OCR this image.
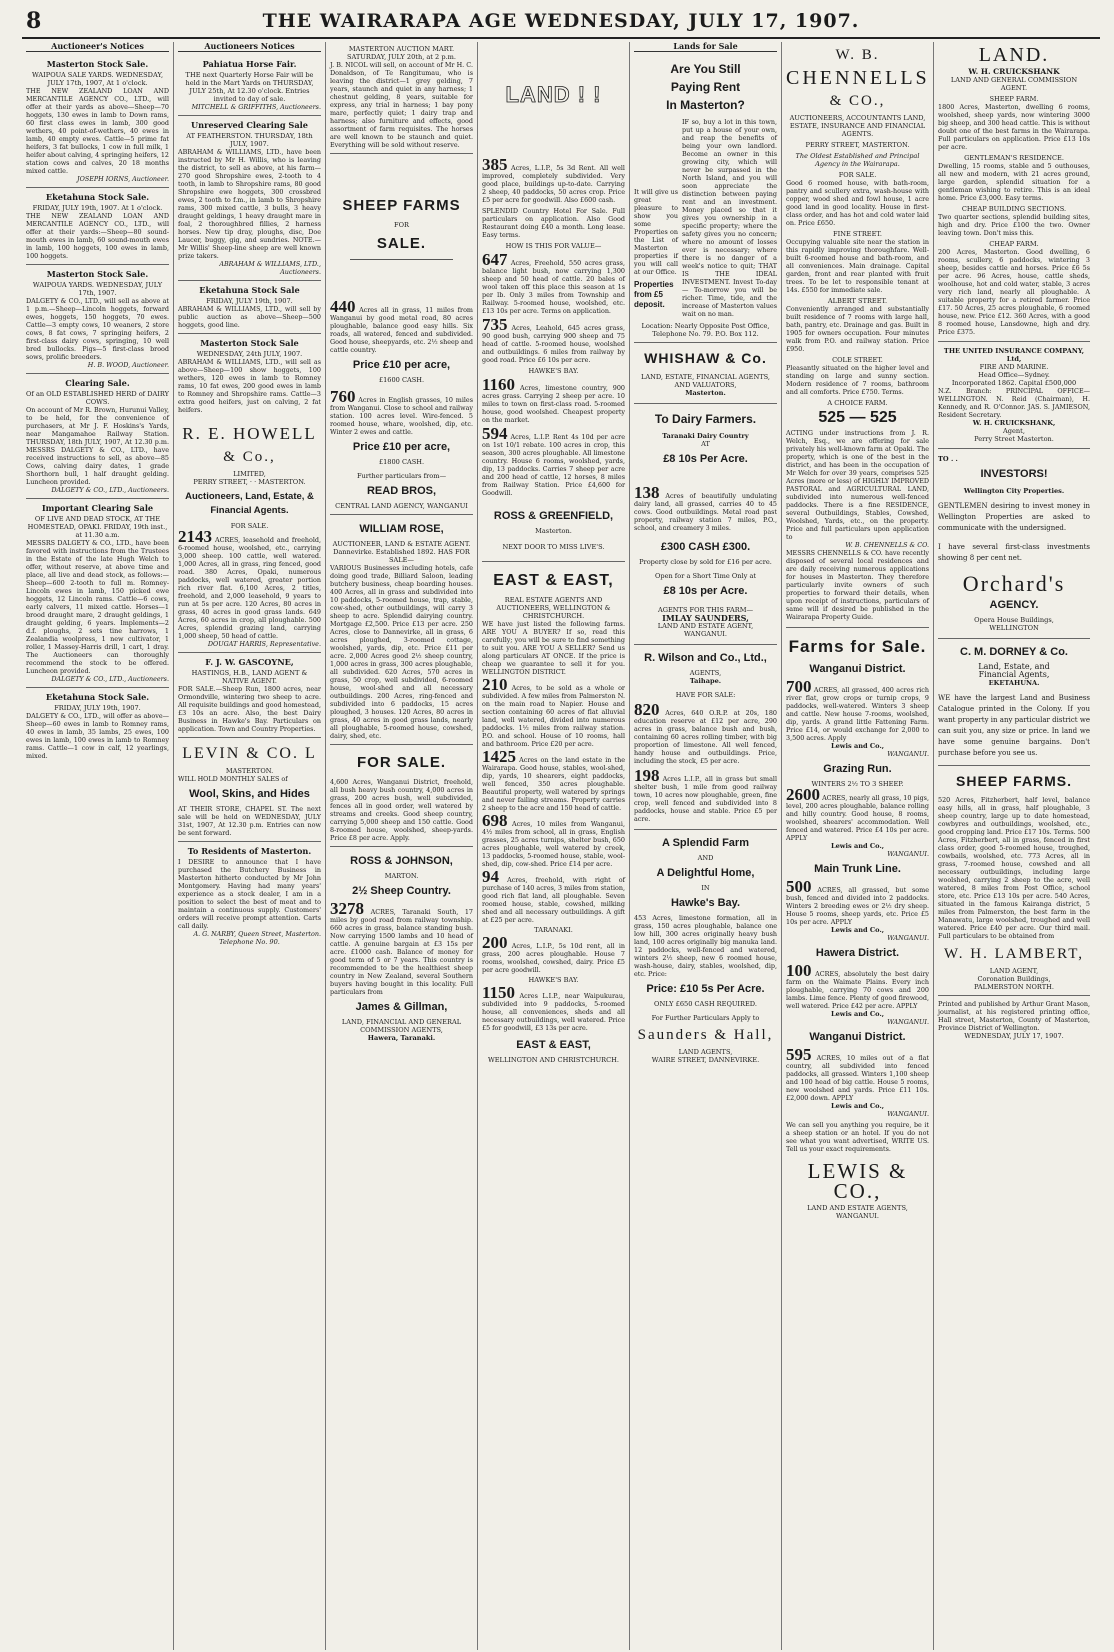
8	THE WAIRARAPA AGE WEDNESDAY, JULY 17, 1907.
Auctioneer's Notices
Masterton Stock Sale.
WAIPOUA SALE YARDS. WEDNESDAY, JULY 17th, 1907, At 1 o'clock.
THE NEW ZEALAND LOAN AND MERCANTILE AGENCY CO., LTD., will offer at their yards as above—Sheep—70 hoggets, 130 ewes in lamb to Down rams, 60 first class ewes in lamb, 300 good wethers, 40 point-of-wethers, 40 ewes in lamb, 40 empty ewes. Cattle—5 prime fat heifers, 3 fat bullocks, 1 cow in full milk, 1 heifer about calving, 4 springing heifers, 12 station cows and calves, 20 18 months mixed cattle.
JOSEPH IORNS, Auctioneer.
Eketahuna Stock Sale.
FRIDAY, JULY 19th, 1907. At 1 o'clock.
THE NEW ZEALAND LOAN AND MERCANTILE AGENCY CO., LTD., will offer at their yards:—Sheep—80 sound-mouth ewes in lamb, 60 sound-mouth ewes in lamb, 100 hoggets, 100 ewes in lamb, 100 hoggets.
Masterton Stock Sale.
WAIPOUA YARDS. WEDNESDAY, JULY 17th, 1907.
DALGETY & CO., LTD., will sell as above at 1 p.m.—Sheep—Lincoln hoggets, forward ewes, hoggets, 150 hoggets, 70 ewes. Cattle—3 empty cows, 10 weaners, 2 store cows, 8 fat cows, 7 springing heifers, 2 first-class dairy cows, springing, 10 well bred bullocks. Pigs—5 first-class brood sows, prolific breeders.
H. B. WOOD, Auctioneer.
Clearing Sale.
Of an OLD ESTABLISHED HERD of DAIRY COWS.
On account of Mr R. Brown, Hurunui Valley, to be held, for the convenience of purchasers, at Mr J. F. Hoskins's Yards, near Mangamahoe Railway Station. THURSDAY, 18th JULY, 1907, At 12.30 p.m. MESSRS DALGETY & CO., LTD., have received instructions to sell, as above—85 Cows, calving dairy dates, 1 grade Shorthorn bull, 1 half draught gelding. Luncheon provided.
DALGETY & CO., LTD., Auctioneers.
Important Clearing Sale
OF LIVE AND DEAD STOCK, AT THE HOMESTEAD, OPAKI. FRIDAY, 19th inst., at 11.30 a.m.
MESSRS DALGETY & CO., LTD., have been favored with instructions from the Trustees in the Estate of the late Hugh Welch to offer, without reserve, at above time and place, all live and dead stock, as follows:—Sheep—600 2-tooth to full m. Romney-Lincoln ewes in lamb, 150 picked ewe hoggets, 12 Lincoln rams. Cattle—6 cows, early calvers, 11 mixed cattle. Horses—1 brood draught mare, 2 draught geldings, 1 draught gelding, 6 years. Implements—2 d.f. ploughs, 2 sets tine harrows, 1 Zealandia woolpress, 1 new cultivator, 1 roller, 1 Massey-Harris drill, 1 cart, 1 dray. The Auctioneers can thoroughly recommend the stock to be offered. Luncheon provided.
DALGETY & CO., LTD., Auctioneers.
Eketahuna Stock Sale.
FRIDAY, JULY 19th, 1907.
DALGETY & CO., LTD., will offer as above—Sheep—60 ewes in lamb to Romney rams, 40 ewes in lamb, 35 lambs, 25 ewes, 100 ewes in lamb, 100 ewes in lamb to Romney rams. Cattle—1 cow in calf, 12 yearlings, mixed.
Auctioneers Notices
Pahiatua Horse Fair.
THE next Quarterly Horse Fair will be held in the Mart Yards on THURSDAY, JULY 25th, At 12.30 o'clock. Entries invited to day of sale.
MITCHELL & GRIFFITHS, Auctioneers.
Unreserved Clearing Sale
AT FEATHERSTON. THURSDAY, 18th JULY, 1907.
ABRAHAM & WILLIAMS, LTD., have been instructed by Mr H. Willis, who is leaving the district, to sell as above, at his farm—270 good Shropshire ewes, 2-tooth to 4 tooth, in lamb to Shropshire rams, 80 good Shropshire ewe hoggets, 300 crossbred ewes, 2 tooth to f.m., in lamb to Shropshire rams, 300 mixed cattle, 3 bulls, 3 heavy draught geldings, 1 heavy draught mare in foal, 2 thoroughbred fillies, 2 harness horses. New tip dray, ploughs, disc, Doe Laucer, buggy, gig, and sundries. NOTE.—Mr Willis' Sheep-line sheep are well known prize takers.
ABRAHAM & WILLIAMS, LTD., Auctioneers.
Eketahuna Stock Sale
FRIDAY, JULY 19th, 1907.
ABRAHAM & WILLIAMS, LTD., will sell by public auction as above—Sheep—500 hoggets, good line.
Masterton Stock Sale
WEDNESDAY, 24th JULY, 1907.
ABRAHAM & WILLIAMS, LTD., will sell as above—Sheep—100 show hoggets, 100 wethers, 120 ewes in lamb to Romney rams, 10 fat ewes, 200 good ewes in lamb to Romney and Shropshire rams. Cattle—3 extra good heifers, just on calving, 2 fat heifers.
R. E. HOWELL
& Co.,
LIMITED,
PERRY STREET, · · MASTERTON.
Auctioneers, Land, Estate, & Financial Agents.
FOR SALE.
2143 ACRES, leasehold and freehold, 6-roomed house, woolshed, etc., carrying 3,000 sheep. 100 cattle, well watered. 1,000 Acres, all in grass, ring fenced, good road. 380 Acres, Opaki, numerous paddocks, well watered, greater portion rich river flat. 6,100 Acres, 2 titles, freehold, and 2,000 leasehold, 9 years to run at 5s per acre. 120 Acres, 80 acres in grass, 40 acres in good grass lands. 649 Acres, 60 acres in crop, all ploughable. 500 Acres, splendid grazing land, carrying 1,000 sheep, 50 head of cattle.
DOUGAT HARRIS, Representative.
F. J. W. GASCOYNE,
HASTINGS, H.B., LAND AGENT & NATIVE AGENT.
FOR SALE.—Sheep Run, 1800 acres, near Ormondville, wintering two sheep to acre. All requisite buildings and good homestead, £3 10s an acre. Also, the best Dairy Business in Hawke's Bay. Particulars on application. Town and Country Properties.
LEVIN & CO. L
MASTERTON.
WILL HOLD MONTHLY SALES of
Wool, Skins, and Hides
AT THEIR STORE, CHAPEL ST. The next sale will be held on WEDNESDAY, JULY 31st, 1907, At 12.30 p.m. Entries can now be sent forward.
To Residents of Masterton.
I DESIRE to announce that I have purchased the Butchery Business in Masterton hitherto conducted by Mr John Montgomery. Having had many years' experience as a stock dealer, I am in a position to select the best of meat and to maintain a continuous supply. Customers' orders will receive prompt attention. Carts call daily.
A. G. NARBY, Queen Street, Masterton.
Telephone No. 90.
MASTERTON AUCTION MART. SATURDAY, JULY 20th, at 2 p.m.
J. B. NICOL will sell, on account of Mr H. C. Donaldson, of Te Rangitumau, who is leaving the district—1 grey gelding, 7 years, staunch and quiet in any harness; 1 chestnut gelding, 8 years, suitable for express, any trial in harness; 1 bay pony mare, perfectly quiet; 1 dairy trap and harness; also furniture and effects, good assortment of farm requisites. The horses are well known to be staunch and quiet. Everything will be sold without reserve.
SHEEP FARMS
FOR
SALE.
440 Acres all in grass, 11 miles from Wanganui by good metal road, 80 acres ploughable, balance good easy hills. Six roads, all watered, fenced and subdivided. Good house, sheepyards, etc. 2½ sheep and cattle country.
Price £10 per acre,
£1600 CASH.
760 Acres in English grasses, 10 miles from Wanganui. Close to school and railway station. 100 acres level. Wire-fenced. 5 roomed house, whare, woolshed, dip, etc. Winter 2 ewes and cattle.
Price £10 per acre,
£1800 CASH.
Further particulars from—
READ BROS,
CENTRAL LAND AGENCY, WANGANUI
WILLIAM ROSE,
AUCTIONEER, LAND & ESTATE AGENT. Dannevirke. Established 1892. HAS FOR SALE—
VARIOUS Businesses including hotels, cafe doing good trade, Billiard Saloon, leading butchery business, cheap boarding houses. 400 Acres, all in grass and subdivided into 10 paddocks, 5-roomed house, trap, stable, cow-shed, other outbuildings, will carry 3 sheep to acre. Splendid dairying country. Mortgage £2,500. Price £13 per acre. 250 Acres, close to Dannevirke, all in grass, 6 acres ploughed, 3-roomed cottage, woolshed, yards, dip, etc. Price £11 per acre. 2,000 Acres good 2½ sheep country, 1,000 acres in grass, 300 acres ploughable, all subdivided. 620 Acres, 570 acres in grass, 50 crop, well subdivided, 6-roomed house, wool-shed and all necessary outbuildings. 200 Acres, ring-fenced and subdivided into 6 paddocks, 15 acres ploughed, 3 houses. 120 Acres, 80 acres in grass, 40 acres in good grass lands, nearly all ploughable, 5-roomed house, cowshed, dairy, shed, etc.
FOR SALE.
4,600 Acres, Wanganui District, freehold, all bush heavy bush country, 4,000 acres in grass, 200 acres bush, well subdivided, fences all in good order, well watered by streams and creeks. Good sheep country, carrying 5,000 sheep and 150 cattle. Good 8-roomed house, woolshed, sheep-yards. Price £8 per acre. Apply.
ROSS & JOHNSON,
MARTON.
2½ Sheep Country.
3278 ACRES, Taranaki South, 17 miles by good road from railway township. 660 acres in grass, balance standing bush. Now carrying 1500 lambs and 10 head of cattle. A genuine bargain at £3 15s per acre. £1000 cash. Balance of money for good term of 5 or 7 years. This country is recommended to be the healthiest sheep country in New Zealand, several Southern buyers having bought in this locality. Full particulars from
James & Gillman,
LAND, FINANCIAL AND GENERAL COMMISSION AGENTS,
Hawera, Taranaki.
LAND ! !
385 Acres, L.I.P., 5s 3d Rent. All well improved, completely subdivided. Very good place, buildings up-to-date. Carrying 2 sheep, 40 paddocks, 50 acres crop. Price £5 per acre for goodwill. Also £600 cash.
SPLENDID Country Hotel For Sale. Full particulars on application. Also Good Restaurant doing £40 a month. Long lease. Easy terms.
HOW IS THIS FOR VALUE—
647 Acres, Freehold, 550 acres grass, balance light bush, now carrying 1,300 sheep and 50 head of cattle. 20 bales of wool taken off this place this season at 1s per lb. Only 3 miles from Township and Railway. 5-roomed house, woolshed, etc. £13 10s per acre. Terms on application.
735 Acres, Leahold, 645 acres grass, 90 good bush, carrying 900 sheep and 75 head of cattle. 5-roomed house, woolshed and outbuildings. 6 miles from railway by good road. Price £6 10s per acre.
HAWKE'S BAY.
1160 Acres, limestone country, 900 acres grass. Carrying 2 sheep per acre. 10 miles to town on first-class road. 5-roomed house, good woolshed. Cheapest property on the market.
594 Acres, L.I.P. Rent 4s 10d per acre on 1st 10/1 rebate. 100 acres in crop, this season, 300 acres ploughable. All limestone country. House 6 rooms, woolshed, yards, dip, 13 paddocks. Carries 7 sheep per acre and 200 head of cattle, 12 horses, 8 miles from Railway Station. Price £4,600 for Goodwill.
ROSS & GREENFIELD,
Masterton.
NEXT DOOR TO MISS LIVE'S.
EAST & EAST,
REAL ESTATE AGENTS AND AUCTIONEERS, WELLINGTON & CHRISTCHURCH.
WE have just listed the following farms. ARE YOU A BUYER? If so, read this carefully; you will be sure to find something to suit you. ARE YOU A SELLER? Send us along particulars AT ONCE. If the price is cheap we guarantee to sell it for you. WELLINGTON DISTRICT.
210 Acres, to be sold as a whole or subdivided. A few miles from Palmerston N. on the main road to Napier. House and section containing 60 acres of flat alluvial land, well watered, divided into numerous paddocks. 1½ miles from railway station. P.O. and school. House of 10 rooms, hall and bathroom. Price £20 per acre.
1425 Acres on the land estate in the Wairarapa. Good house, stables, wool-shed, dip, yards, 10 shearers, eight paddocks, well fenced, 350 acres ploughable. Beautiful property, well watered by springs and never failing streams. Property carries 2 sheep to the acre and 150 head of cattle.
698 Acres, 10 miles from Wanganui, 4½ miles from school, all in grass, English grasses, 25 acres turnips, shelter bush, 650 acres ploughable, well watered by creek, 13 paddocks, 5-roomed house, stable, wool-shed, dip, cow-shed. Price £14 per acre.
94 Acres, freehold, with right of purchase of 140 acres, 3 miles from station, good rich flat land, all ploughable. Seven roomed house, stable, cowshed, milking shed and all necessary outbuildings. A gift at £25 per acre.
TARANAKI.
200 Acres, L.I.P., 5s 10d rent, all in grass, 200 acres ploughable. House 7 rooms, woolshed, cowshed, dairy. Price £5 per acre goodwill.
HAWKE'S BAY.
1150 Acres L.I.P., near Waipukurau, subdivided into 9 paddocks, 5-roomed house, all conveniences, sheds and all necessary outbuildings, well watered. Price £5 for goodwill, £3 13s per acre.
EAST & EAST,
WELLINGTON AND CHRISTCHURCH.
Lands for Sale
Are You Still
Paying Rent
In Masterton?
It will give us great pleasure to show you some Properties on the List of Masterton properties if you will call at our Office.
Properties from £5 deposit.
IF so, buy a lot in this town, put up a house of your own, and reap the benefits of being your own landlord. Become an owner in this growing city, which will never be surpassed in the North Island, and you will soon appreciate the distinction between paying rent and an investment. Money placed so that it gives you ownership in a specific property; where the safety gives you no concern; where no amount of losses ever is necessary; where there is no danger of a week's notice to quit; THAT IS THE IDEAL INVESTMENT. Invest To-day — To-morrow you will be richer. Time, tide, and the increase of Masterton values wait on no man.
Location: Nearly Opposite Post Office, Telephone No. 79. P.O. Box 112.
WHISHAW & Co.
LAND, ESTATE, FINANCIAL AGENTS, AND VALUATORS,
Masterton.
To Dairy Farmers.
Taranaki Dairy Country
AT
£8 10s Per Acre.
138 Acres of beautifully undulating dairy land, all grassed, carries 40 to 45 cows. Good outbuildings. Metal road past property, railway station 7 miles, P.O., school, and creamery 3 miles.
£300 CASH £300.
Property close by sold for £16 per acre.
Open for a Short Time Only at
£8 10s per Acre.
AGENTS FOR THIS FARM—
IMLAY SAUNDERS,
LAND AND ESTATE AGENT,
WANGANUI.
R. Wilson and Co., Ltd.,
AGENTS,
Taihape.
HAVE FOR SALE:
820 Acres, 640 O.R.P. at 20s, 180 education reserve at £12 per acre, 290 acres in grass, balance bush and bush, containing 60 acres rolling timber, with big proportion of limestone. All well fenced, handy house and outbuildings. Price, including the stock, £5 per acre.
198 Acres L.I.P., all in grass but small shelter bush, 1 mile from good railway town, 10 acres now ploughable, green, fine crop, well fenced and subdivided into 8 paddocks, house and stable. Price £5 per acre.
A Splendid Farm
AND
A Delightful Home,
IN
Hawke's Bay.
453 Acres, limestone formation, all in grass, 150 acres ploughable, balance one low hill, 300 acres originally heavy bush land, 100 acres originally big manuka land. 12 paddocks, well-fenced and watered, winters 2½ sheep, new 6 roomed house, wash-house, dairy, stables, woolshed, dip, etc. Price:
Price: £10 5s Per Acre.
ONLY £650 CASH REQUIRED.
For Further Particulars Apply to
Saunders & Hall,
LAND AGENTS,
WAIRE STREET, DANNEVIRKE.
W. B.
CHENNELLS
& CO.,
AUCTIONEERS, ACCOUNTANTS LAND, ESTATE, INSURANCE AND FINANCIAL AGENTS.
PERRY STREET, MASTERTON.
The Oldest Established and Principal Agency in the Wairarapa.
FOR SALE.
Good 6 roomed house, with bath-room, pantry and scullery extra, wash-house with copper, wood shed and fowl house, 1 acre good land in good locality. House in first-class order, and has hot and cold water laid on. Price £650.
FINE STREET.
Occupying valuable site near the station in this rapidly improving thoroughfare. Well-built 6-roomed house and bath-room, and all conveniences. Main drainage. Capital garden, front and rear planted with fruit trees. To be let to responsible tenant at 14s. £550 for immediate sale.
ALBERT STREET.
Conveniently arranged and substantially built residence of 7 rooms with large hall, bath, pantry, etc. Drainage and gas. Built in 1905 for owners occupation. Four minutes walk from P.O. and railway station. Price £950.
COLE STREET.
Pleasantly situated on the higher level and standing on large and sunny section. Modern residence of 7 rooms, bathroom and all comforts. Price £750. Terms.
A CHOICE FARM.
525 — 525
ACTING under instructions from J. R. Welch, Esq., we are offering for sale privately his well-known farm at Opaki. The property, which is one of the best in the district, and has been in the occupation of Mr Welch for over 39 years, comprises 525 Acres (more or less) of HIGHLY IMPROVED PASTORAL and AGRICULTURAL LAND, subdivided into numerous well-fenced paddocks. There is a fine RESIDENCE, several Outbuildings, Stables, Cowshed, Woolshed, Yards, etc., on the property. Price and full particulars upon application to
W. B. CHENNELLS & CO.
MESSRS CHENNELLS & CO. have recently disposed of several local residences and are daily receiving numerous applications for houses in Masterton. They therefore particularly invite owners of such properties to forward their details, when upon receipt of instructions, particulars of same will if desired be published in the Wairarapa Property Guide.
Farms for Sale.
Wanganui District.
700 ACRES, all grassed, 400 acres rich river flat, grow crops or turnip crops, 9 paddocks, well-watered. Winters 3 sheep and cattle. New house 7-rooms, woolshed, dip, yards. A grand little Fattening Farm. Price £14, or would exchange for 2,000 to 3,500 acres. Apply
Lewis and Co.,
WANGANUI.
Grazing Run.
WINTERS 2½ TO 3 SHEEP.
2600 ACRES, nearly all grass, 10 pigs, level, 200 acres ploughable, balance rolling and hilly country. Good house, 8 rooms, woolshed, shearers' accommodation. Well fenced and watered. Price £4 10s per acre. APPLY
Lewis and Co.,
WANGANUI.
Main Trunk Line.
500 ACRES, all grassed, but some bush, fenced and divided into 2 paddocks. Winters 2 breeding ewes or 2½ dry sheep. House 5 rooms, sheep yards, etc. Price £5 10s per acre. APPLY
Lewis and Co.,
WANGANUI.
Hawera District.
100 ACRES, absolutely the best dairy farm on the Waimate Plains. Every inch ploughable, carrying 70 cows and 200 lambs. Lime fence. Plenty of good firewood, well watered. Price £42 per acre. APPLY
Lewis and Co.,
WANGANUI.
Wanganui District.
595 ACRES, 10 miles out of a flat country, all subdivided into fenced paddocks, all grassed. Winters 1,100 sheep and 100 head of big cattle. House 5 rooms, new woolshed and yards. Price £11 10s. £2,000 down. APPLY
Lewis and Co.,
WANGANUI.
We can sell you anything you require, be it a sheep station or an hotel. If you do not see what you want advertised, WRITE US. Tell us your exact requirements.
LEWIS & CO.,
LAND AND ESTATE AGENTS,
WANGANUI.
LAND.
W. H. CRUICKSHANK
LAND AND GENERAL COMMISSION AGENT.
SHEEP FARM.
1800 Acres, Masterton, dwelling 6 rooms, woolshed, sheep yards, now wintering 3000 big sheep, and 300 head cattle. This is without doubt one of the best farms in the Wairarapa. Full particulars on application. Price £13 10s per acre.
GENTLEMAN'S RESIDENCE.
Dwelling, 15 rooms, stable and 5 outhouses, all new and modern, with 21 acres ground, large garden, splendid situation for a gentleman wishing to retire. This is an ideal home. Price £3,000. Easy terms.
CHEAP BUILDING SECTIONS.
Two quarter sections, splendid building sites, high and dry. Price £100 the two. Owner leaving town. Don't miss this.
CHEAP FARM.
200 Acres, Masterton. Good dwelling, 6 rooms, scullery, 6 paddocks, wintering 3 sheep, besides cattle and horses. Price £6 5s per acre. 96 Acres, house, cattle sheds, woolhouse, hot and cold water, stable, 3 acres very rich land, nearly all ploughable. A suitable property for a retired farmer. Price £17. 50 Acres, 25 acres ploughable, 6 roomed house, new. Price £12. 360 Acres, with a good 8 roomed house, Lansdowne, high and dry. Price £375.
THE UNITED INSURANCE COMPANY, Ltd,
FIRE AND MARINE.
Head Office—Sydney.
Incorporated 1862. Capital £500,000
N.Z. Branch: PRINCIPAL OFFICE—WELLINGTON. N. Reid (Chairman), H. Kennedy, and R. O'Connor. JAS. S. JAMIESON, Resident Secretary.
W. H. CRUICKSHANK,
Agent,
Perry Street Masterton.
TO . .
INVESTORS!
Wellington City Properties.
GENTLEMEN desiring to invest money in Wellington Properties are asked to communicate with the undersigned.
I have several first-class investments showing 8 per cent net.
Orchard's
AGENCY.
Opera House Buildings,
WELLINGTON
C. M. DORNEY & Co.
Land, Estate, and
Financial Agents,
EKETAHUNA.
WE have the largest Land and Business Catalogue printed in the Colony. If you want property in any particular district we can suit you, any size or price. In land we have some genuine bargains. Don't purchase before you see us.
SHEEP FARMS.
520 Acres, Fitzherbert, half level, balance easy hills, all in grass, half ploughable, 3 sheep country, large up to date homestead, cowbyres and outbuildings, woolshed, etc., good cropping land. Price £17 10s. Terms. 500 Acres, Fitzherbert, all in grass, fenced in first class order, good 5-roomed house, troughed, cowbails, woolshed, etc. 773 Acres, all in grass, 7-roomed house, cowshed and all necessary outbuildings, including large woolshed, carrying 2 sheep to the acre, well watered, 8 miles from Post Office, school store, etc. Price £13 10s per acre. 540 Acres, situated in the famous Kairanga district, 5 miles from Palmerston, the best farm in the Manawatu, large woolshed, troughed and well watered. Price £40 per acre. Our third mail. Full particulars to be obtained from
W. H. LAMBERT,
LAND AGENT,
Coronation Buildings,
PALMERSTON NORTH.
Printed and published by Arthur Grant Mason, journalist, at his registered printing office, Hall street, Masterton, County of Masterton, Province District of Wellington.
WEDNESDAY, JULY 17, 1907.
